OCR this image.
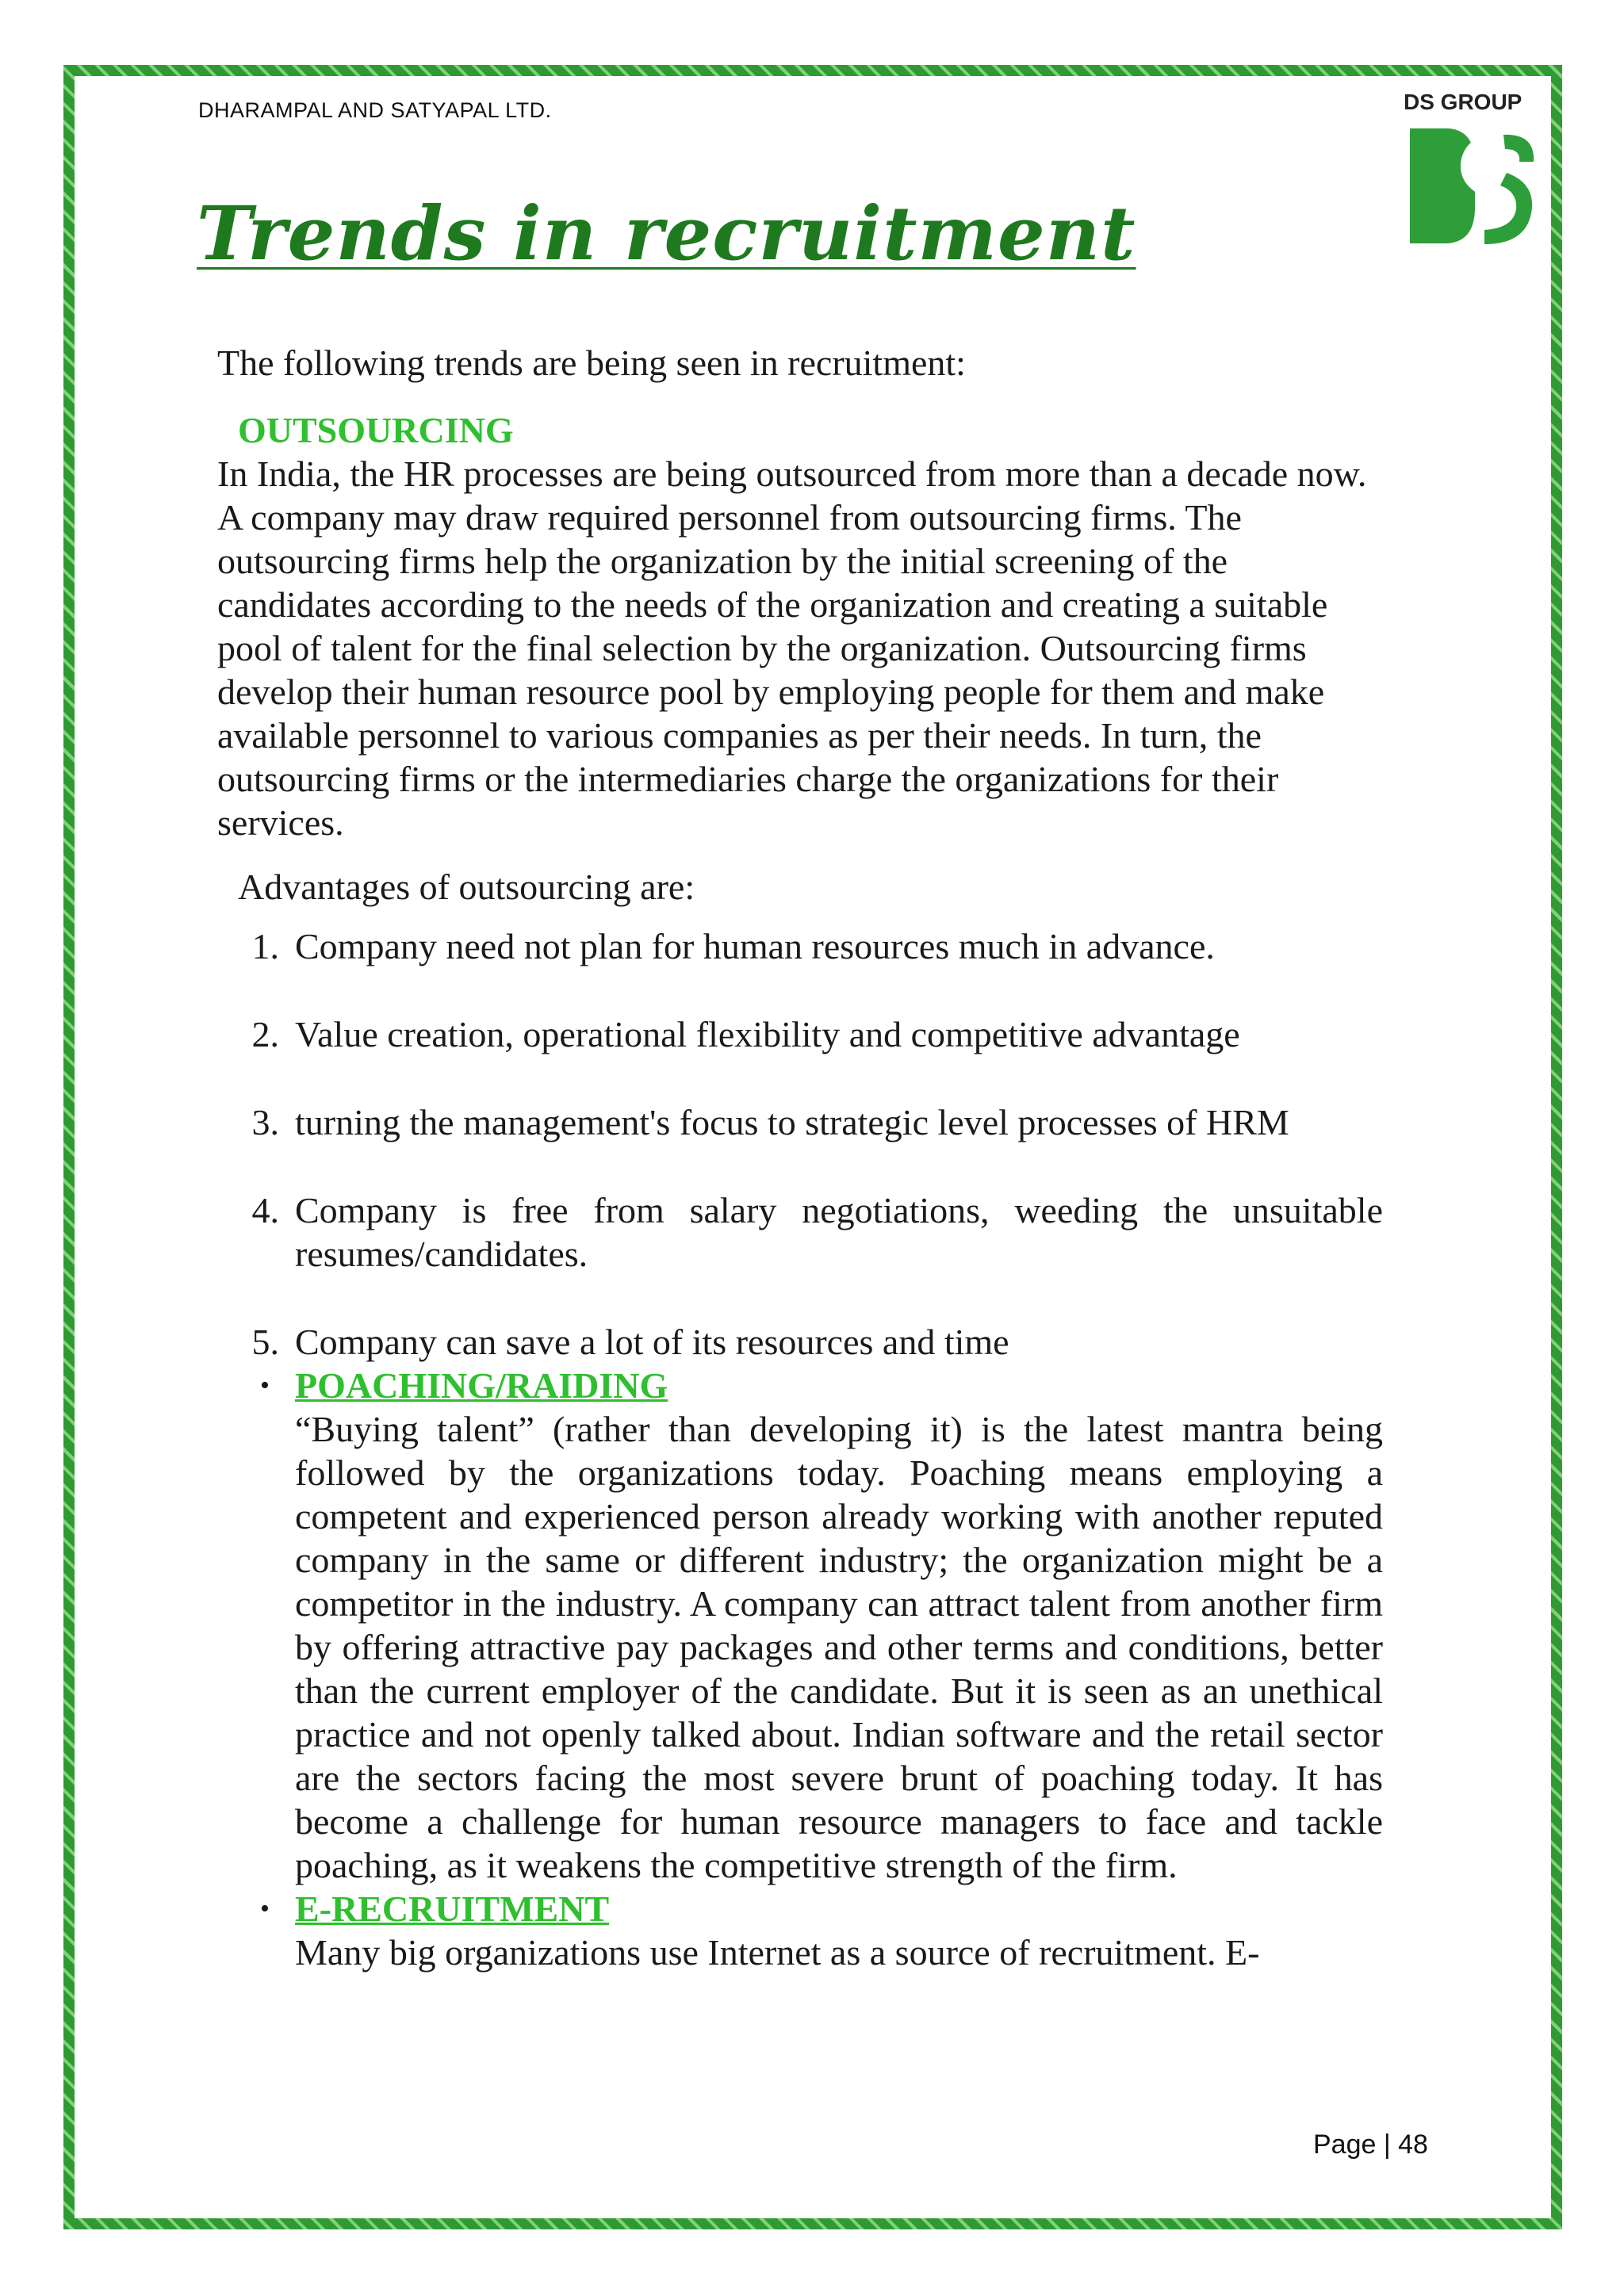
DHARAMPAL AND SATYAPAL LTD.	DS GROUP
Trends in recruitment

The following trends are being seen in recruitment:

OUTSOURCING

In India, the HR processes are being outsourced from more than a decade now. A company may draw required personnel from outsourcing firms. The outsourcing firms help the organization by the initial screening of the candidates according to the needs of the organization and creating a suitable pool of talent for the final selection by the organization. Outsourcing firms develop their human resource pool by employing people for them and make available personnel to various companies as per their needs. In turn, the outsourcing firms or the intermediaries charge the organizations for their services.

Advantages of outsourcing are:

1. Company need not plan for human resources much in advance.
2. Value creation, operational flexibility and competitive advantage
3. turning the management's focus to strategic level processes of HRM
4. Company is free from salary negotiations, weeding the unsuitable resumes/candidates.
5. Company can save a lot of its resources and time
• POACHING/RAIDING
“Buying talent” (rather than developing it) is the latest mantra being followed by the organizations today. Poaching means employing a competent and experienced person already working with another reputed company in the same or different industry; the organization might be a competitor in the industry. A company can attract talent from another firm by offering attractive pay packages and other terms and conditions, better than the current employer of the candidate. But it is seen as an unethical practice and not openly talked about. Indian software and the retail sector are the sectors facing the most severe brunt of poaching today. It has become a challenge for human resource managers to face and tackle poaching, as it weakens the competitive strength of the firm.
• E-RECRUITMENT
Many big organizations use Internet as a source of recruitment. E-
Page | 48
